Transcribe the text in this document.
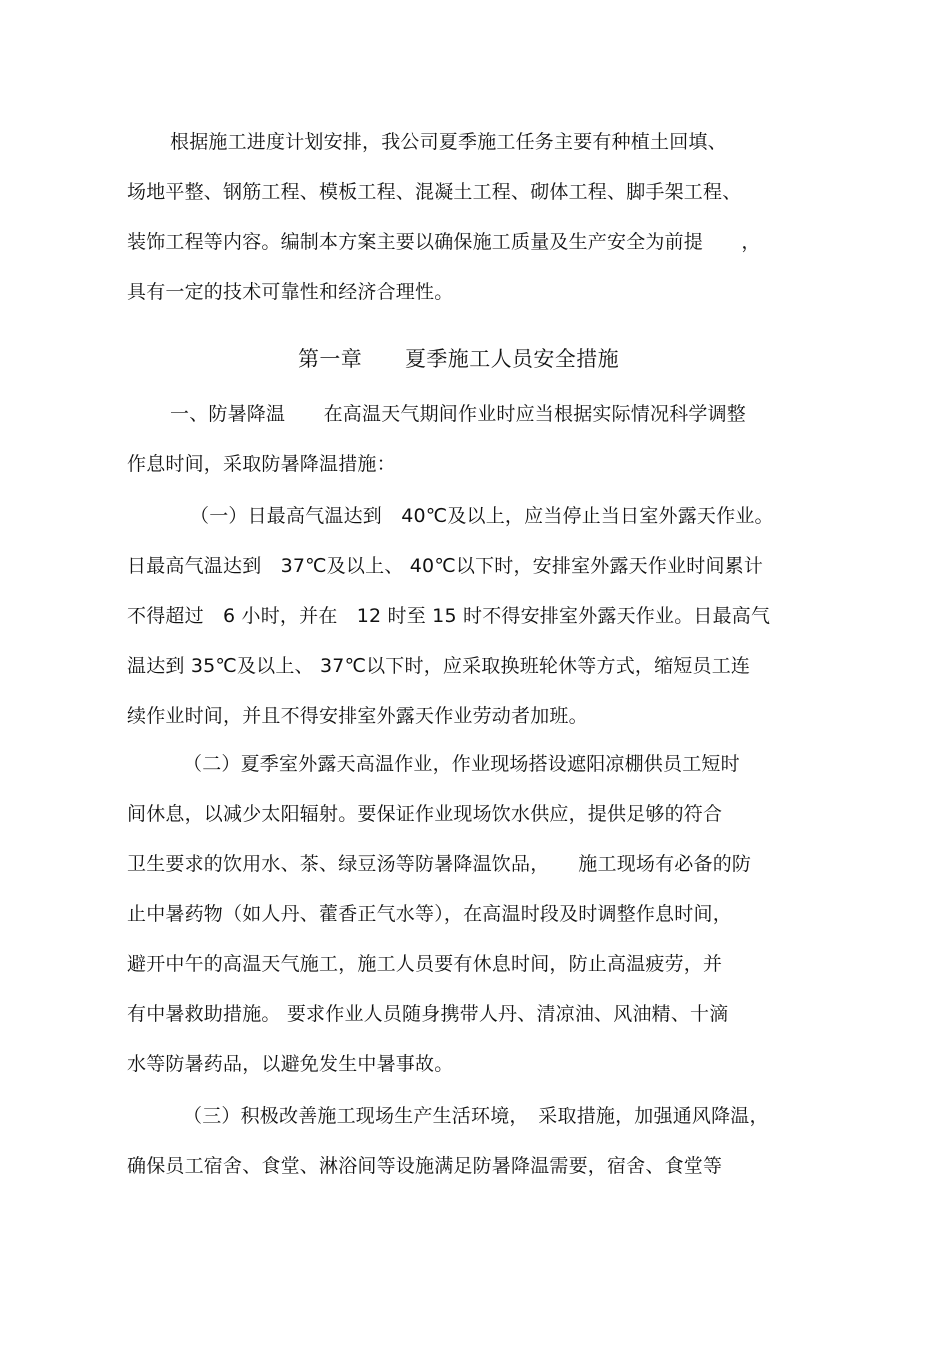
根据施工进度计划安排，我公司夏季施工任务主要有种植土回填、
场地平整、钢筋工程、模板工程、混凝土工程、砌体工程、脚手架工程、
装饰工程等内容。编制本方案主要以确保施工质量及生产安全为前提　　，
具有一定的技术可靠性和经济合理性。
第一章　　夏季施工人员安全措施
一、防暑降温　　在高温天气期间作业时应当根据实际情况科学调整
作息时间，采取防暑降温措施：
（一）日最高气温达到　40℃及以上，应当停止当日室外露天作业。
日最高气温达到　37℃及以上、 40℃以下时，安排室外露天作业时间累计
不得超过　6 小时，并在　12 时至 15 时不得安排室外露天作业。日最高气
温达到 35℃及以上、 37℃以下时，应采取换班轮休等方式，缩短员工连
续作业时间，并且不得安排室外露天作业劳动者加班。
（二）夏季室外露天高温作业，作业现场搭设遮阳凉棚供员工短时
间休息，以减少太阳辐射。要保证作业现场饮水供应，提供足够的符合
卫生要求的饮用水、茶、绿豆汤等防暑降温饮品，　　施工现场有必备的防
止中暑药物（如人丹、藿香正气水等），在高温时段及时调整作息时间，
避开中午的高温天气施工，施工人员要有休息时间，防止高温疲劳，并
有中暑救助措施。 要求作业人员随身携带人丹、清凉油、风油精、十滴
水等防暑药品，以避免发生中暑事故。
（三）积极改善施工现场生产生活环境，　采取措施，加强通风降温，
确保员工宿舍、食堂、淋浴间等设施满足防暑降温需要，宿舍、食堂等
